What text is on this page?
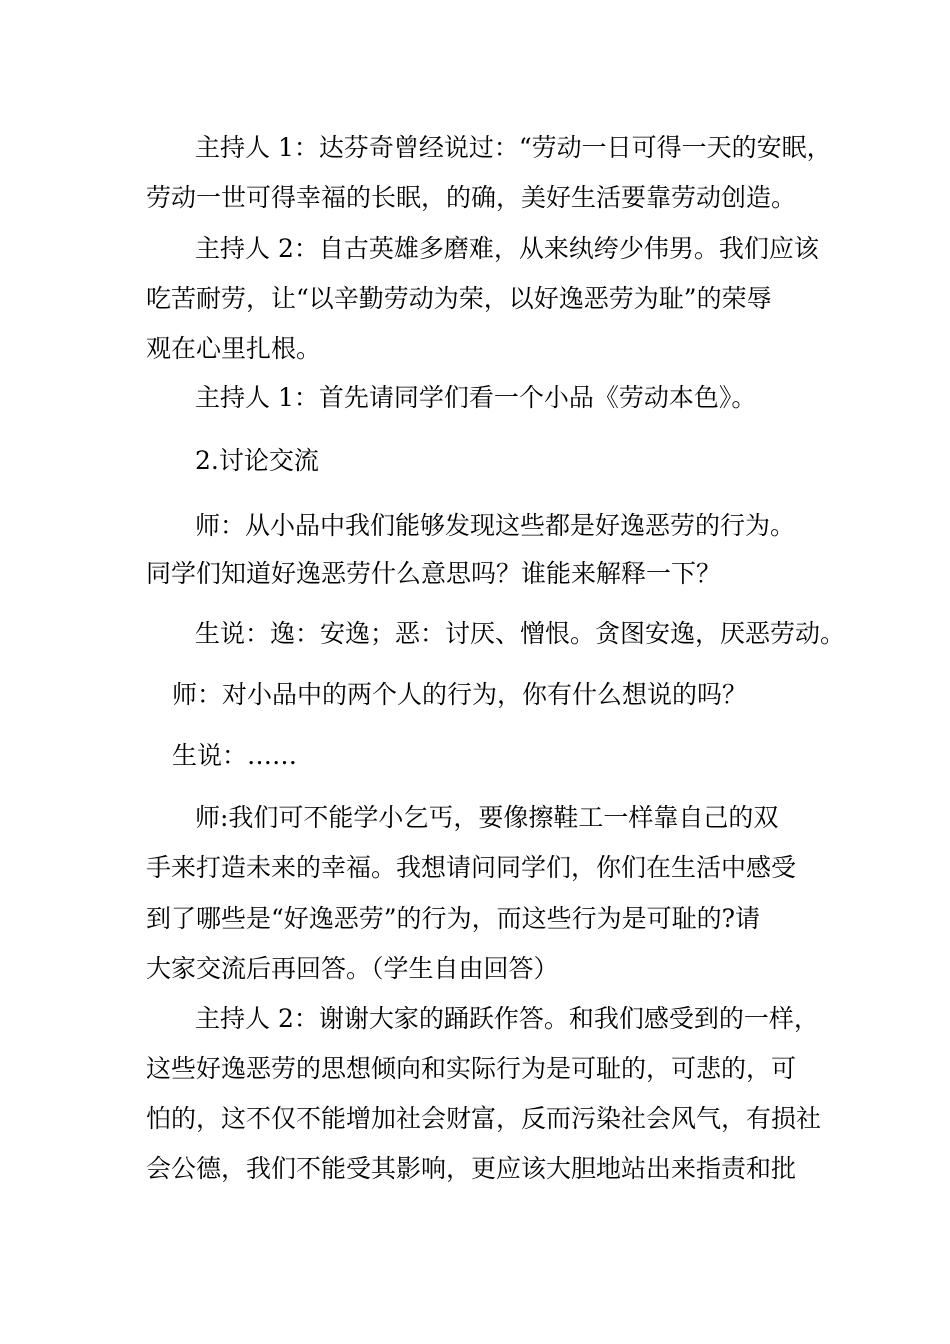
主持人 1：达芬奇曾经说过：“劳动一日可得一天的安眠，

劳动一世可得幸福的长眠，的确，美好生活要靠劳动创造。

主持人 2：自古英雄多磨难，从来纨绔少伟男。我们应该

吃苦耐劳，让“以辛勤劳动为荣，以好逸恶劳为耻”的荣辱

观在心里扎根。

主持人 1：首先请同学们看一个小品《劳动本色》。

2.讨论交流

师：从小品中我们能够发现这些都是好逸恶劳的行为。

同学们知道好逸恶劳什么意思吗？谁能来解释一下？

生说：逸：安逸；恶：讨厌、憎恨。贪图安逸，厌恶劳动。

师：对小品中的两个人的行为，你有什么想说的吗？

生说：……

师:我们可不能学小乞丐，要像擦鞋工一样靠自己的双

手来打造未来的幸福。我想请问同学们，你们在生活中感受

到了哪些是“好逸恶劳”的行为，而这些行为是可耻的?请

大家交流后再回答。（学生自由回答）

主持人 2：谢谢大家的踊跃作答。和我们感受到的一样，

这些好逸恶劳的思想倾向和实际行为是可耻的，可悲的，可

怕的，这不仅不能增加社会财富，反而污染社会风气，有损社

会公德，我们不能受其影响，更应该大胆地站出来指责和批
